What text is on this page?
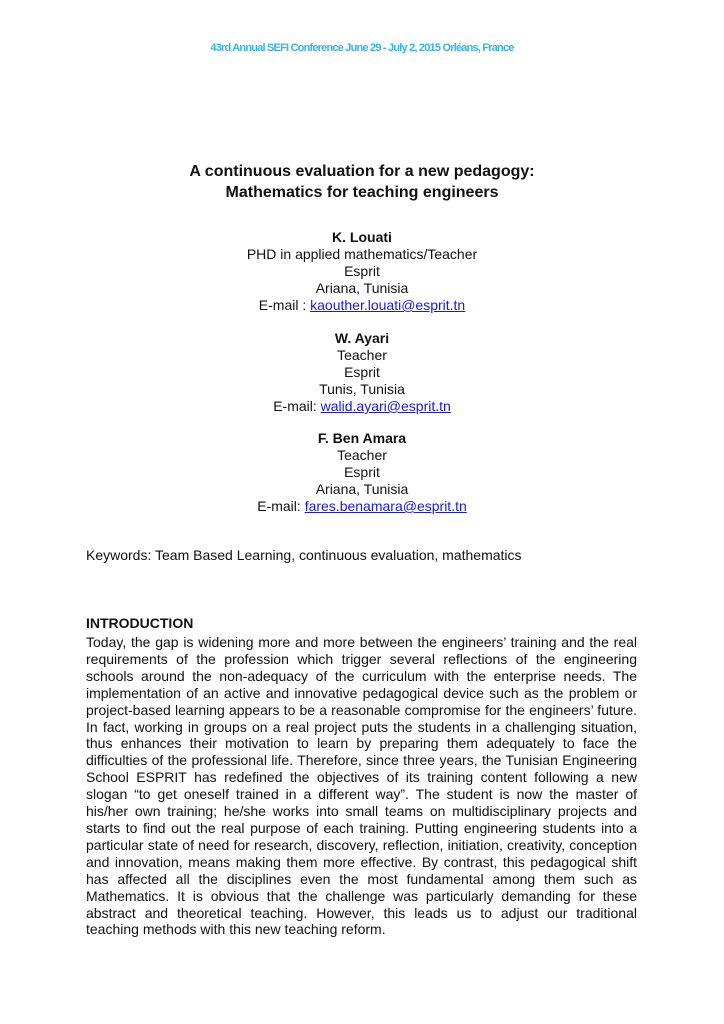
43rd Annual SEFI Conference June 29 - July 2, 2015 Orléans, France
A continuous evaluation for a new pedagogy:
Mathematics for teaching engineers
K. Louati
PHD in applied mathematics/Teacher
Esprit
Ariana, Tunisia
E-mail : kaouther.louati@esprit.tn
W. Ayari
Teacher
Esprit
Tunis, Tunisia
E-mail: walid.ayari@esprit.tn
F. Ben Amara
Teacher
Esprit
Ariana, Tunisia
E-mail: fares.benamara@esprit.tn
Keywords: Team Based Learning, continuous evaluation, mathematics
INTRODUCTION

Today, the gap is widening more and more between the engineers’ training and the real requirements of the profession which trigger several reflections of the engineering schools around the non-adequacy of the curriculum with the enterprise needs. The implementation of an active and innovative pedagogical device such as the problem or project-based learning appears to be a reasonable compromise for the engineers’ future. In fact, working in groups on a real project puts the students in a challenging situation, thus enhances their motivation to learn by preparing them adequately to face the difficulties of the professional life. Therefore, since three years, the Tunisian Engineering School ESPRIT has redefined the objectives of its training content following a new slogan “to get oneself trained in a different way”. The student is now the master of his/her own training; he/she works into small teams on multidisciplinary projects and starts to find out the real purpose of each training. Putting engineering students into a particular state of need for research, discovery, reflection, initiation, creativity, conception and innovation, means making them more effective. By contrast, this pedagogical shift has affected all the disciplines even the most fundamental among them such as Mathematics. It is obvious that the challenge was particularly demanding for these abstract and theoretical teaching. However, this leads us to adjust our traditional teaching methods with this new teaching reform.
